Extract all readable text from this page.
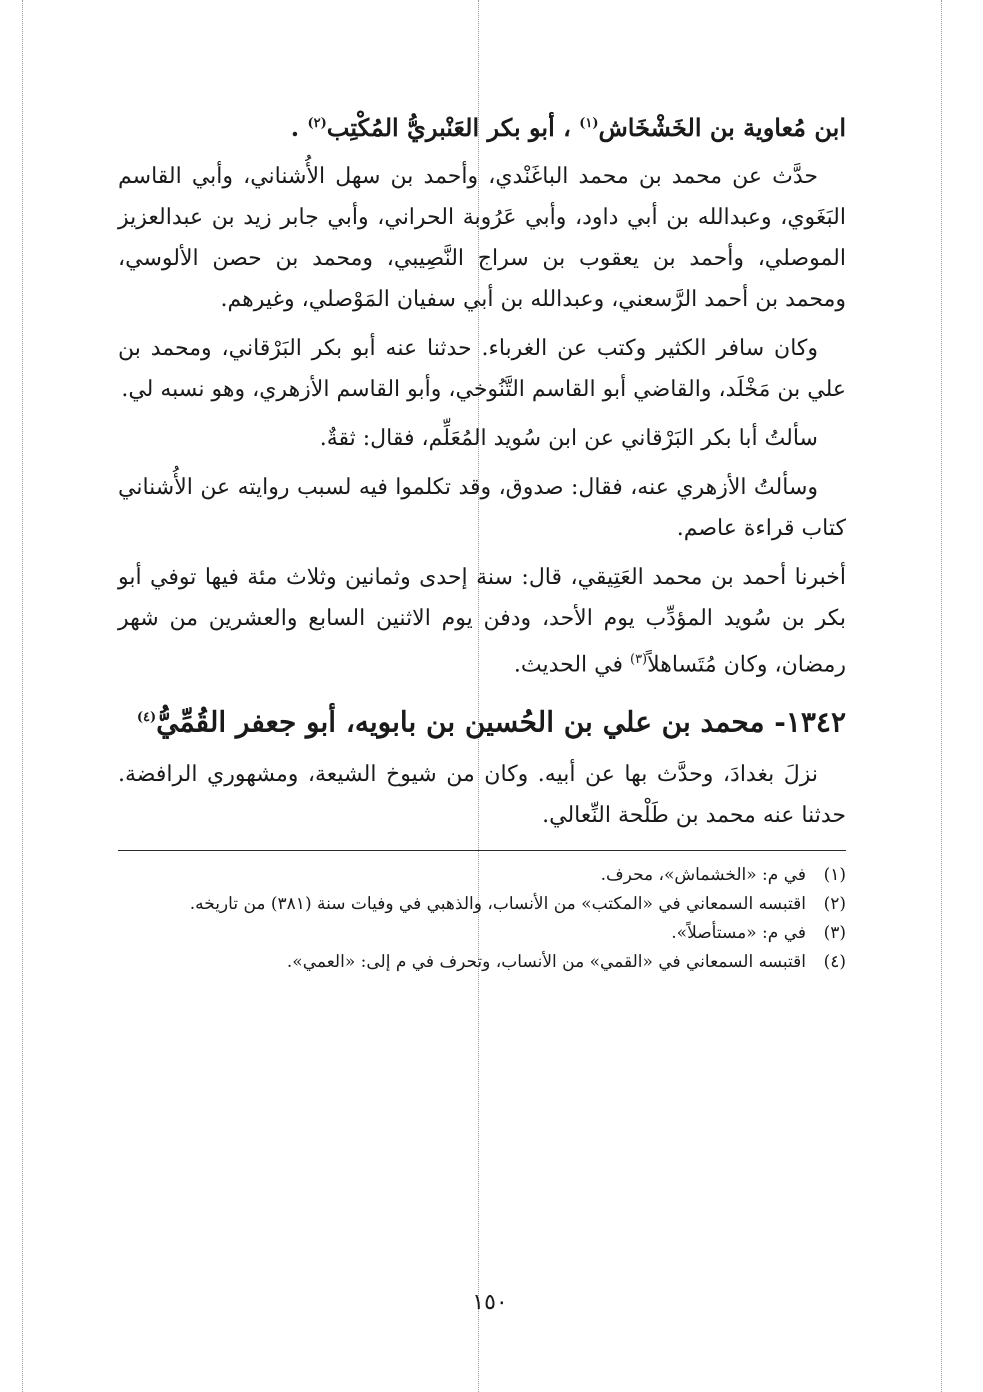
ابن مُعاوية بن الخَشْخَاش$^{(١)}$ ، أبو بكر العَنْبريُّ المُكْتِب$^{(٢)}$ .

حدَّث عن محمد بن محمد الباغَنْدي، وأحمد بن سهل الأُشناني، وأبي القاسم البَغَوي، وعبدالله بن أبي داود، وأبي عَرُوبة الحراني، وأبي جابر زيد بن عبدالعزيز الموصلي، وأحمد بن يعقوب بن سراج النَّصِيبي، ومحمد بن حصن الألوسي، ومحمد بن أحمد الرَّسعني، وعبدالله بن أبي سفيان المَوْصلي، وغيرهم.

وكان سافر الكثير وكتب عن الغرباء. حدثنا عنه أبو بكر البَرْقاني، ومحمد بن علي بن مَخْلَد، والقاضي أبو القاسم التَّنُوخي، وأبو القاسم الأزهري، وهو نسبه لي.

سألتُ أبا بكر البَرْقاني عن ابن سُويد المُعَلِّم، فقال: ثقةٌ.

وسألتُ الأزهري عنه، فقال: صدوق، وقد تكلموا فيه لسبب روايته عن الأُشناني كتاب قراءة عاصم.

أخبرنا أحمد بن محمد العَتِيقي، قال: سنة إحدى وثمانين وثلاث مئة فيها توفي أبو بكر بن سُويد المؤدِّب يوم الأحد، ودفن يوم الاثنين السابع والعشرين من شهر رمضان، وكان مُتَساهلاً$^{(٣)}$ في الحديث.

١٣٤٢- محمد بن علي بن الحُسين بن بابويه، أبو جعفر القُمِّيُّ$^{(٤)}$

نزلَ بغدادَ، وحدَّث بها عن أبيه. وكان من شيوخ الشيعة، ومشهوري الرافضة. حدثنا عنه محمد بن طَلْحة النِّعالي.

(١)
في م: «الخشماش»، محرف.
(٢)
اقتبسه السمعاني في «المكتب» من الأنساب، والذهبي في وفيات سنة (٣٨١) من تاريخه.
(٣)
في م: «مستأصلاً».
(٤)
اقتبسه السمعاني في «القمي» من الأنساب، وتحرف في م إلى: «العمي».
١٥٠
